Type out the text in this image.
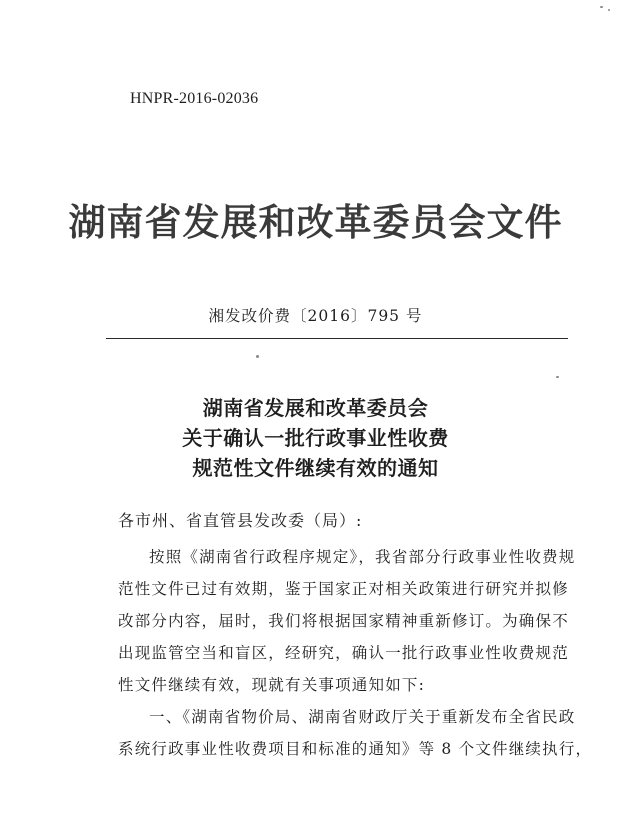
HNPR-2016-02036
湖南省发展和改革委员会文件
湘发改价费〔2016〕795 号
湖南省发展和改革委员会
关于确认一批行政事业性收费
规范性文件继续有效的通知
各市州、省直管县发改委（局）:
按照《湖南省行政程序规定》，我省部分行政事业性收费规
范性文件已过有效期，鉴于国家正对相关政策进行研究并拟修
改部分内容，届时，我们将根据国家精神重新修订。为确保不
出现监管空当和盲区，经研究，确认一批行政事业性收费规范
性文件继续有效，现就有关事项通知如下:
一、《湖南省物价局、湖南省财政厅关于重新发布全省民政
系统行政事业性收费项目和标准的通知》等 8 个文件继续执行，
